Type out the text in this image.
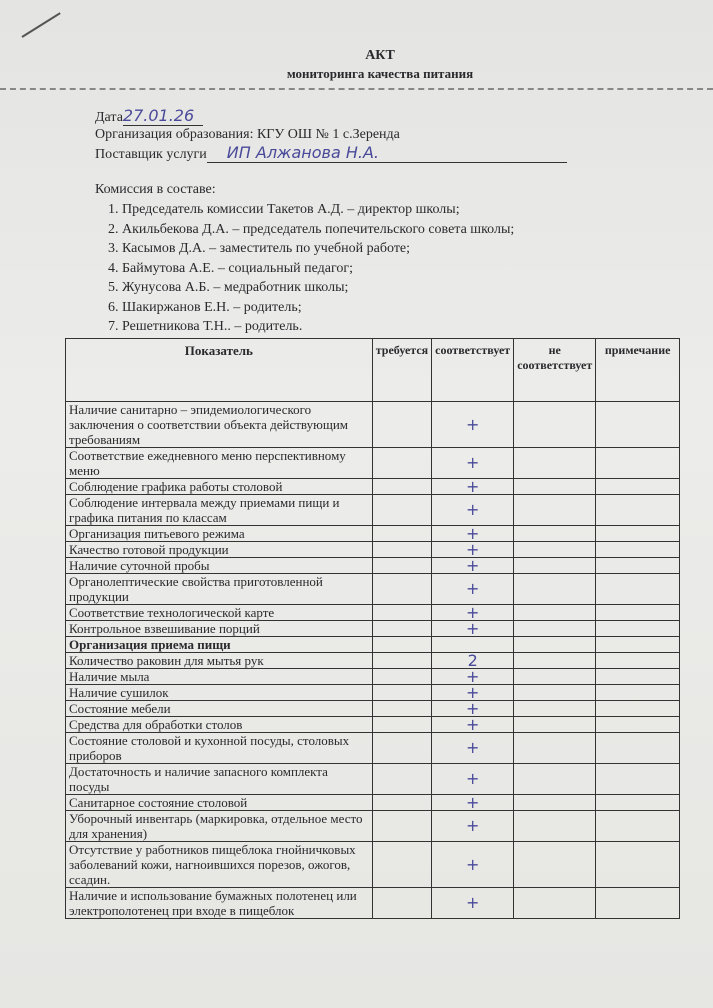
АКТ
мониторинга качества питания
Дата27.01.26
Организация образования: КГУ ОШ № 1 с.Зеренда
Поставщик услуги ИП Алжанова Н.А.
Комиссия в составе:
1. Председатель комиссии Такетов А.Д. – директор школы;
2. Акильбекова Д.А. – председатель попечительского совета школы;
3. Касымов Д.А. – заместитель по учебной работе;
4. Баймутова А.Е. – социальный педагог;
5. Жунусова А.Б. – медработник школы;
6. Шакиржанов Е.Н. – родитель;
7. Решетникова Т.Н.. – родитель.
Показатель	требуется	соответствует	не соответствует	примечание
Наличие санитарно – эпидемиологического заключения о соответствии объекта действующим требованиям		+		
Соответствие ежедневного меню перспективному меню		+		
Соблюдение графика работы столовой		+		
Соблюдение интервала между приемами пищи и графика питания по классам		+		
Организация питьевого режима		+		
Качество готовой продукции		+		
Наличие суточной пробы		+		
Органолептические свойства приготовленной продукции		+		
Соответствие технологической карте		+		
Контрольное взвешивание порций		+		
Организация приема пищи				
Количество раковин для мытья рук		2		
Наличие мыла		+		
Наличие сушилок		+		
Состояние мебели		+		
Средства для обработки столов		+		
Состояние столовой и кухонной посуды, столовых приборов		+		
Достаточность и наличие запасного комплекта посуды		+		
Санитарное состояние столовой		+		
Уборочный инвентарь (маркировка, отдельное место для хранения)		+		
Отсутствие у работников пищеблока гнойничковых заболеваний кожи, нагноившихся порезов, ожогов, ссадин.		+		
Наличие и использование бумажных полотенец или электрополотенец при входе в пищеблок		+		
